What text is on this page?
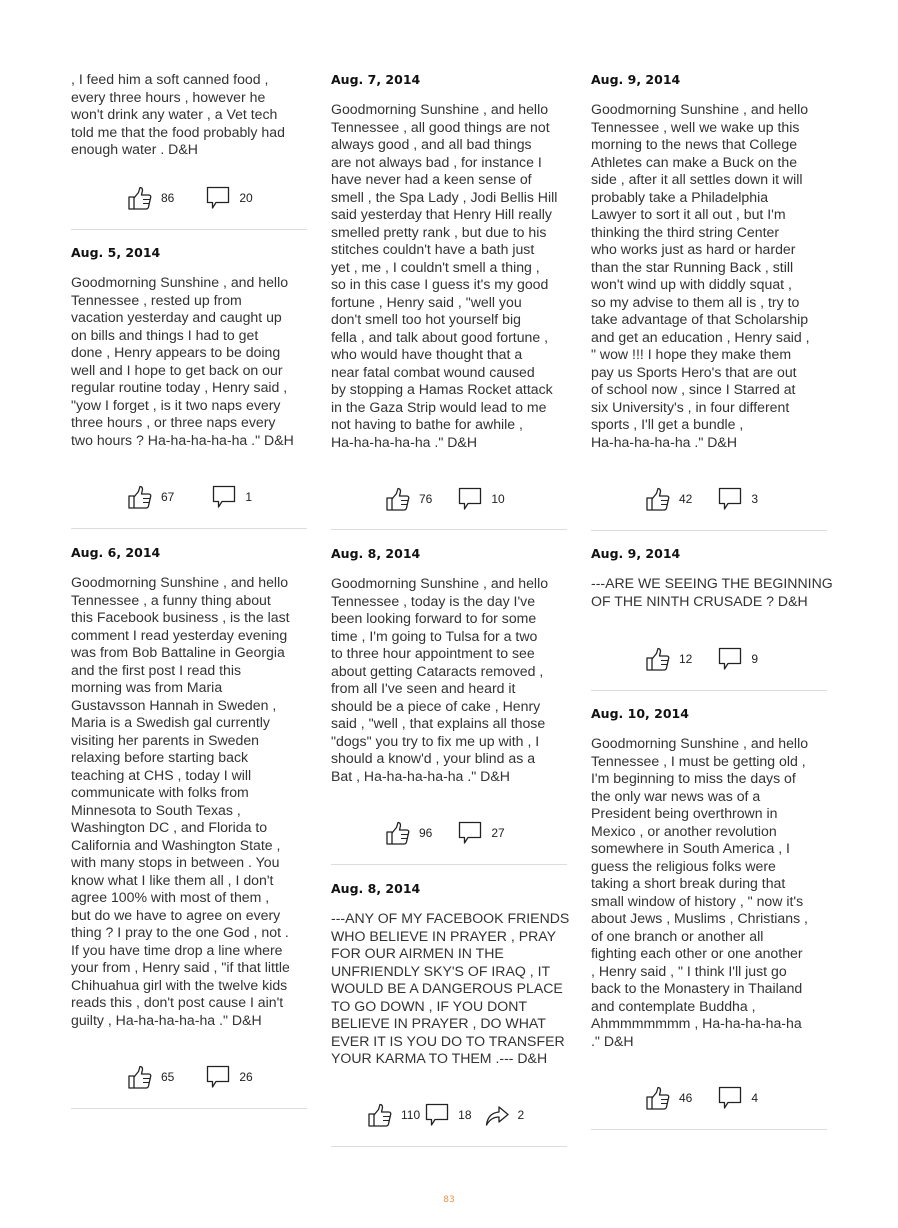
, I feed him a soft canned food ,
every three hours , however he
won't drink any water , a Vet tech
told me that the food probably had
enough water . D&H
86	20
Aug. 5, 2014
Goodmorning Sunshine , and hello
Tennessee , rested up from
vacation yesterday and caught up
on bills and things I had to get
done , Henry appears to be doing
well and I hope to get back on our
regular routine today , Henry said ,
"yow I forget , is it two naps every
three hours , or three naps every
two hours ? Ha-ha-ha-ha-ha ." D&H
67	1
Aug. 6, 2014
Goodmorning Sunshine , and hello
Tennessee , a funny thing about
this Facebook business , is the last
comment I read yesterday evening
was from Bob Battaline in Georgia
and the first post I read this
morning was from Maria
Gustavsson Hannah in Sweden ,
Maria is a Swedish gal currently
visiting her parents in Sweden
relaxing before starting back
teaching at CHS , today I will
communicate with folks from
Minnesota to South Texas ,
Washington DC , and Florida to
California and Washington State ,
with many stops in between . You
know what I like them all , I don't
agree 100% with most of them ,
but do we have to agree on every
thing ? I pray to the one God , not .
If you have time drop a line where
your from , Henry said , "if that little
Chihuahua girl with the twelve kids
reads this , don't post cause I ain't
guilty , Ha-ha-ha-ha-ha ." D&H
65	26
Aug. 7, 2014
Goodmorning Sunshine , and hello
Tennessee , all good things are not
always good , and all bad things
are not always bad , for instance I
have never had a keen sense of
smell , the Spa Lady , Jodi Bellis Hill
said yesterday that Henry Hill really
smelled pretty rank , but due to his
stitches couldn't have a bath just
yet , me , I couldn't smell a thing ,
so in this case I guess it's my good
fortune , Henry said , "well you
don't smell too hot yourself big
fella , and talk about good fortune ,
who would have thought that a
near fatal combat wound caused
by stopping a Hamas Rocket attack
in the Gaza Strip would lead to me
not having to bathe for awhile ,
Ha-ha-ha-ha-ha ." D&H
76	10
Aug. 8, 2014
Goodmorning Sunshine , and hello
Tennessee , today is the day I've
been looking forward to for some
time , I'm going to Tulsa for a two
to three hour appointment to see
about getting Cataracts removed ,
from all I've seen and heard it
should be a piece of cake , Henry
said , "well , that explains all those
"dogs" you try to fix me up with , I
should a know'd , your blind as a
Bat , Ha-ha-ha-ha-ha ." D&H
96	27
Aug. 8, 2014
---ANY OF MY FACEBOOK FRIENDS
WHO BELIEVE IN PRAYER , PRAY
FOR OUR AIRMEN IN THE
UNFRIENDLY SKY'S OF IRAQ , IT
WOULD BE A DANGEROUS PLACE
TO GO DOWN , IF YOU DONT
BELIEVE IN PRAYER , DO WHAT
EVER IT IS YOU DO TO TRANSFER
YOUR KARMA TO THEM .--- D&H
110	18	2
Aug. 9, 2014
Goodmorning Sunshine , and hello
Tennessee , well we wake up this
morning to the news that College
Athletes can make a Buck on the
side , after it all settles down it will
probably take a Philadelphia
Lawyer to sort it all out , but I'm
thinking the third string Center
who works just as hard or harder
than the star Running Back , still
won't wind up with diddly squat ,
so my advise to them all is , try to
take advantage of that Scholarship
and get an education , Henry said ,
" wow !!! I hope they make them
pay us Sports Hero's that are out
of school now , since I Starred at
six University's , in four different
sports , I'll get a bundle ,
Ha-ha-ha-ha-ha ." D&H
42	3
Aug. 9, 2014
---ARE WE SEEING THE BEGINNING
OF THE NINTH CRUSADE ? D&H
12	9
Aug. 10, 2014
Goodmorning Sunshine , and hello
Tennessee , I must be getting old ,
I'm beginning to miss the days of
the only war news was of a
President being overthrown in
Mexico , or another revolution
somewhere in South America , I
guess the religious folks were
taking a short break during that
small window of history , " now it's
about Jews , Muslims , Christians ,
of one branch or another all
fighting each other or one another
, Henry said , " I think I'll just go
back to the Monastery in Thailand
and contemplate Buddha ,
Ahmmmmmmm , Ha-ha-ha-ha-ha
." D&H
46	4
83
